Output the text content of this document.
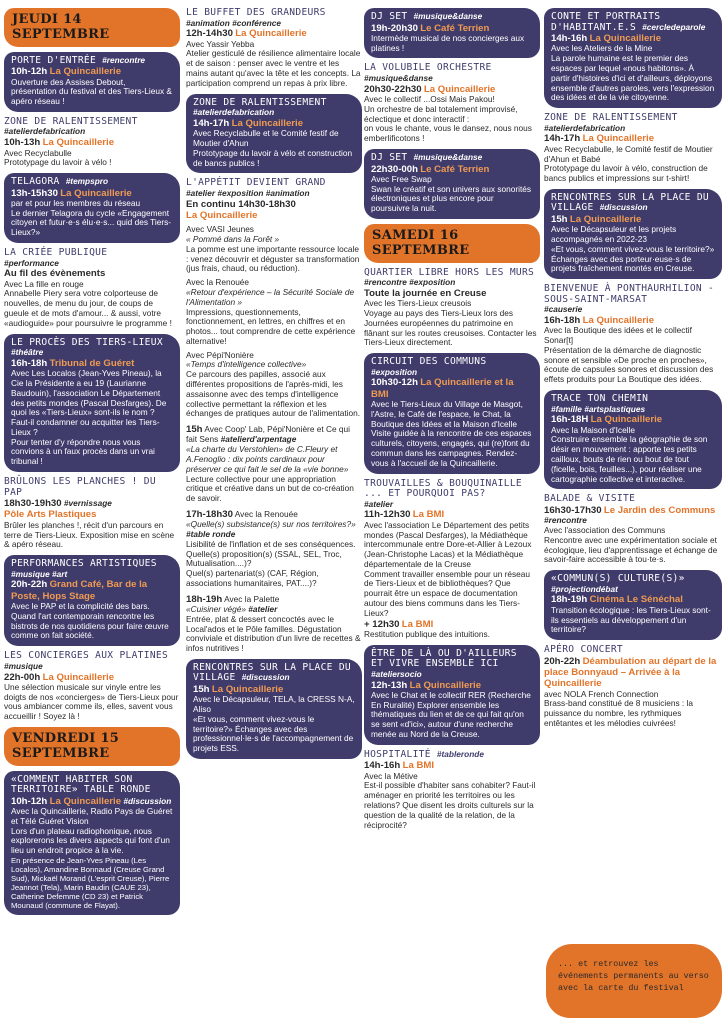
JEUDI 14 SEPTEMBRE
PORTE D'ENTRÉE #rencontre
10h-12h La Quincaillerie
Ouverture des Assises Debout, présentation du festival et des Tiers-Lieux & apéro réseau !
ZONE DE RALENTISSEMENT
#atelierdefabrication
10h-13h La Quincaillerie
Avec Recyclabulle
Prototypage du lavoir à vélo !
TELAGORA #tempspro
13h-15h30 La Quincaillerie
par et pour les membres du réseau
Le dernier Telagora du cycle «Engagement citoyen et futur·e·s élu·e·s... quid des Tiers-Lieux?»
LA CRIÉE PUBLIQUE
#performance
Au fil des évènements
Avec La fille en rouge
Annabelle Piery sera votre colporteuse de nouvelles, de menu du jour, de coups de gueule et de mots d'amour... & aussi, votre «audioguide» pour poursuivre le programme !
LE PROCÈS DES TIERS-LIEUX
#théâtre
16h-18h Tribunal de Guéret
Avec Les Localos (Jean-Yves Pineau), la Cie la Présidente a eu 19 (Laurianne Baudouin), l'association Le Département des petits mondes (Pascal Desfarges). De quoi les «Tiers-Lieux» sont-ils le nom ? Faut-il condamner ou acquitter les Tiers-Lieux ?
Pour tenter d'y répondre nous vous convions à un faux procès dans un vrai tribunal !
BRÛLONS LES PLANCHES ! DU PAP
18h30-19h30 #vernissage
Pôle Arts Plastiques
Brûler les planches !, récit d'un parcours en terre de Tiers-Lieux. Exposition mise en scène & apéro réseau.
PERFORMANCES ARTISTIQUES
#musique #art
20h-22h Grand Café, Bar de la Poste, Hops Stage
Avec le PAP et la complicité des bars. Quand l'art contemporain rencontre les bistrots de nos quotidiens pour faire œuvre comme on fait société.
LES CONCIERGES AUX PLATINES
#musique
22h-00h La Quincaillerie
Une sélection musicale sur vinyle entre les doigts de nos «concierges» de Tiers-Lieux pour vous ambiancer comme ils, elles, savent vous accueillir ! Soyez là !
VENDREDI 15 SEPTEMBRE
«COMMENT HABITER SON TERRITOIRE» TABLE RONDE
10h-12h La Quincaillerie #discussion
Avec la Quincaillerie, Radio Pays de Guéret et Télé Guéret Vision
Lors d'un plateau radiophonique, nous explorerons les divers aspects qui font d'un lieu un endroit propice à la vie.
En présence de Jean-Yves Pineau (Les Localos), Amandine Bonnaud (Creuse Grand Sud), Mickaël Morand (L'esprit Creuse), Pierre Jeannot (Tela), Marin Baudin (CAUE 23), Catherine Defemme (CD 23) et Patrick Mounaud (commune de Flayat).
LE BUFFET DES GRANDEURS
#animation #conférence
12h-14h30 La Quincaillerie
Avec Yassir Yebba
Atelier gesticulé de résilience alimentaire locale et de saison : penser avec le ventre et les mains autant qu'avec la tête et les concepts. La participation comprend un repas à prix libre.
ZONE DE RALENTISSEMENT
#atelierdefabrication
14h-17h La Quincaillerie
Avec Recyclabulle et le Comité festif de Moutier d'Ahun
Prototypage du lavoir à vélo et construction de bancs publics !
L'APPÉTIT DEVIENT GRAND
#atelier #exposition #animation
En continu 14h30-18h30
La Quincaillerie
Avec VASI Jeunes
« Pommé dans la Forêt »
La pomme est une importante ressource locale : venez découvrir et déguster sa transformation (jus frais, chaud, ou réduction).
Avec la Renouée
«Retour d'expérience – la Sécurité Sociale de l'Alimentation »
Impressions, questionnements, fonctionnement, en lettres, en chiffres et en photos... tout comprendre de cette expérience alternative!
Avec Pépi'Nonière
«Temps d'intelligence collective»
Ce parcours des papilles, associé aux différentes propositions de l'après-midi, les assaisonne avec des temps d'intelligence collective permettant la réflexion et les échanges de pratiques autour de l'alimentation.
15h Avec Coop' Lab, Pépi'Nonière et Ce qui fait Sens #atelierd'arpentage
«La charte du Verstohlen» de C.Fleury et A.Fenoglio : dix points cardinaux pour préserver ce qui fait le sel de la «vie bonne»
Lecture collective pour une appropriation critique et créative dans un but de co-création de savoir.
17h-18h30 Avec la Renouée
«Quelle(s) subsistance(s) sur nos territoires?» #table ronde
Lisibilité de l'inflation et de ses conséquences.
Quelle(s) proposition(s) (SSAL, SEL, Troc, Mutualisation....)?
Quel(s) partenariat(s) (CAF, Région, associations humanitaires, PAT....)?
18h-19h Avec la Palette
«Cuisiner végé» #atelier
Entrée, plat & dessert concoctés avec le Local'ados et le Pôle familles. Dégustation conviviale et distribution d'un livre de recettes & infos nutritives !
RENCONTRES SUR LA PLACE DU VILLAGE #discussion
15h La Quincaillerie
Avec le Décapsuleur, TELA, la CRESS N-A, Aliso
«Et vous, comment vivez-vous le territoire?» Échanges avec des professionnel·le·s de l'accompagnement de projets ESS.
DJ SET #musique&danse
19h-20h30 Le Café Terrien
Intermède musical de nos concierges aux platines !
LA VOLUBILE ORCHESTRE
#musique&danse
20h30-22h30 La Quincaillerie
Avec le collectif ...Ossi Mais Pakou!
Un orchestre de bal totalement improvisé, éclectique et donc interactif :
on vous le chante, vous le dansez, nous nous emberlificotons !
DJ SET #musique&danse
22h30-00h Le Café Terrien
Avec Free Swap
Swan le créatif et son univers aux sonorités électroniques et plus encore pour poursuivre la nuit.
SAMEDI 16 SEPTEMBRE
QUARTIER LIBRE HORS LES MURS
#rencontre #exposition
Toute la journée en Creuse
Avec les Tiers-Lieux creusois
Voyage au pays des Tiers-Lieux lors des Journées européennes du patrimoine en flânant sur les routes creusoises. Contacter les Tiers-Lieux directement.
CIRCUIT DES COMMUNS
#exposition
10h30-12h La Quincaillerie et la BMI
Avec le Tiers-Lieux du Village de Masgot, l'Astre, le Café de l'espace, le Chat, la Boutique des Idées et la Maison d'Icelle
Visite guidée à la rencontre de ces espaces culturels, citoyens, engagés, qui (re)font du commun dans les campagnes. Rendez-vous à l'accueil de la Quincaillerie.
TROUVAILLES & BOUQUINAILLE ... ET POURQUOI PAS?
#atelier
11h-12h30 La BMI
Avec l'association Le Département des petits mondes (Pascal Desfarges), la Médiathèque intercommunale entre Dore-et-Allier à Lezoux (Jean-Christophe Lacas) et la Médiathèque départementale de la Creuse
Comment travailler ensemble pour un réseau de Tiers-Lieux et de bibliothèques? Que pourrait être un espace de documentation autour des biens communs dans les Tiers-Lieux?
+ 12h30 La BMI
Restitution publique des intuitions.
ÊTRE DE LÀ OU D'AILLEURS ET VIVRE ENSEMBLE ICI
#ateliersocio
12h-13h La Quincaillerie
Avec le Chat et le collectif RER (Recherche En Ruralité) Explorer ensemble les thématiques du lien et de ce qui fait qu'on se sent «d'ici», autour d'une recherche menée au Nord de la Creuse.
HOSPITALITÉ #tableronde
14h-16h La BMI
Avec la Métive
Est-il possible d'habiter sans cohabiter? Faut-il aménager en priorité les territoires ou les relations? Que disent les droits culturels sur la question de la qualité de la relation, de la réciprocité?
CONTE ET PORTRAITS D'HABITANT.E.S #cercledeparole
14h-16h La Quincaillerie
Avec les Ateliers de la Mine
La parole humaine est le premier des espaces par lequel «nous habitons». À partir d'histoires d'ici et d'ailleurs, déployons ensemble d'autres paroles, vers l'expression des idées et de la vie citoyenne.
ZONE DE RALENTISSEMENT
#atelierdefabrication
14h-17h La Quincaillerie
Avec Recyclabulle, le Comité festif de Moutier d'Ahun et Babé
Prototypage du lavoir à vélo, construction de bancs publics et impressions sur t-shirt!
RENCONTRES SUR LA PLACE DU VILLAGE #discussion
15h La Quincaillerie
Avec le Décapsuleur et les projets accompagnés en 2022-23
«Et vous, comment vivez-vous le territoire?» Échanges avec des porteur·euse·s de projets fraîchement montés en Creuse.
BIENVENUE À PONTHAURHILION -SOUS-SAINT-MARSAT
#causerie
16h-18h La Quincaillerie
Avec la Boutique des idées et le collectif Sonar[t]
Présentation de la démarche de diagnostic sonore et sensible «De proche en proches», écoute de capsules sonores et discussion des effets produits pour La Boutique des idées.
TRACE TON CHEMIN
#famille #artsplastiques
16h-18H La Quincaillerie
Avec la Maison d'Icelle
Construire ensemble la géographie de son désir en mouvement : apporte tes petits cailloux, bouts de rien ou bout de tout (ficelle, bois, feuilles...), pour réaliser une cartographie collective et interactive.
BALADE & VISITE
16h30-17h30 Le Jardin des Communs #rencontre
Avec l'association des Communs
Rencontre avec une expérimentation sociale et écologique, lieu d'apprentissage et échange de savoir-faire accessible à tou·te·s.
«COMMUN(S) CULTURE(S)»
#projectiondébat
18h-19h Cinéma Le Sénéchal
Transition écologique : les Tiers-Lieux sont-ils essentiels au développement d'un territoire?
APÉRO CONCERT
20h-22h Déambulation au départ de la place Bonnyaud – Arrivée à la Quincaillerie
avec NOLA French Connection
Brass-band constitué de 8 musiciens : la puissance du nombre, les rythmiques entêtantes et les mélodies cuivrées!
... et retrouvez les événements permanents au verso avec la carte du festival
